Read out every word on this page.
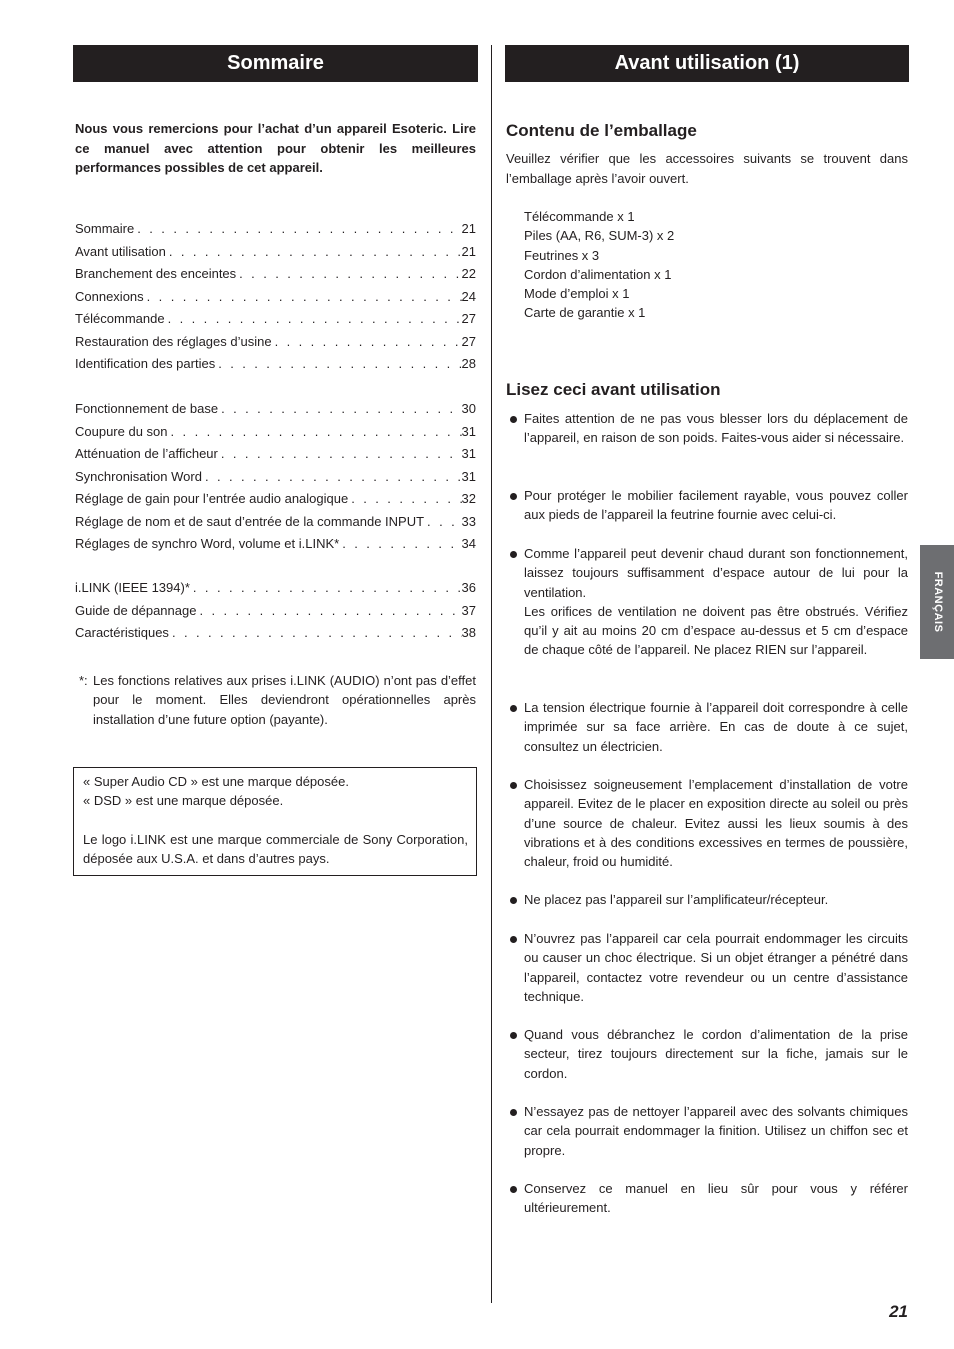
Sommaire	Avant utilisation (1)
Nous vous remercions pour l’achat d’un appareil Esoteric. Lire ce manuel avec attention pour obtenir les meilleures performances possibles de cet appareil.
Sommaire . . .	21
Avant utilisation . . .	21
Branchement des enceintes . . .	22
Connexions . . .	24
Télécommande . . .	27
Restauration des réglages d’usine . . .	27
Identification des parties . . .	28
Fonctionnement de base . . .	30
Coupure du son . . .	31
Atténuation de l’afficheur . . .	31
Synchronisation Word . . .	31
Réglage de gain pour l’entrée audio analogique . . .	32
Réglage de nom et de saut d’entrée de la commande INPUT . . .	33
Réglages de synchro Word, volume et i.LINK* . . .	34
i.LINK (IEEE 1394)* . . .	36
Guide de dépannage . . .	37
Caractéristiques . . .	38
*: Les fonctions relatives aux prises i.LINK (AUDIO) n’ont pas d’effet pour le moment. Elles deviendront opérationnelles après installation d’une future option (payante).

« Super Audio CD » est une marque déposée.

« DSD » est une marque déposée.

Le logo i.LINK est une marque commerciale de Sony Corporation, déposée aux U.S.A. et dans d’autres pays.

Contenu de l’emballage
Veuillez vérifier que les accessoires suivants se trouvent dans l’emballage après l’avoir ouvert.
Télécommande x 1
Piles (AA, R6, SUM-3) x 2
Feutrines x 3
Cordon d’alimentation x 1
Mode d’emploi x 1
Carte de garantie x 1
Lisez ceci avant utilisation
Faites attention de ne pas vous blesser lors du déplacement de l’appareil, en raison de son poids. Faites-vous aider si nécessaire.
Pour protéger le mobilier facilement rayable, vous pouvez coller aux pieds de l’appareil la feutrine fournie avec celui-ci.

Comme l’appareil peut devenir chaud durant son fonctionnement, laissez toujours suffisamment d’espace autour de lui pour la ventilation.

Les orifices de ventilation ne doivent pas être obstrués. Vérifiez qu’il y ait au moins 20 cm d’espace au-dessus et 5 cm d’espace de chaque côté de l’appareil. Ne placez RIEN sur l’appareil.

La tension électrique fournie à l’appareil doit correspondre à celle imprimée sur sa face arrière. En cas de doute à ce sujet, consultez un électricien.
Choisissez soigneusement l’emplacement d’installation de votre appareil. Evitez de le placer en exposition directe au soleil ou près d’une source de chaleur. Evitez aussi les lieux soumis à des vibrations et à des conditions excessives en termes de poussière, chaleur, froid ou humidité.
Ne placez pas l’appareil sur l’amplificateur/récepteur.
N’ouvrez pas l’appareil car cela pourrait endommager les circuits ou causer un choc électrique. Si un objet étranger a pénétré dans l’appareil, contactez votre revendeur ou un centre d’assistance technique.
Quand vous débranchez le cordon d’alimentation de la prise secteur, tirez toujours directement sur la fiche, jamais sur le cordon.
N’essayez pas de nettoyer l’appareil avec des solvants chimiques car cela pourrait endommager la finition. Utilisez un chiffon sec et propre.
Conservez ce manuel en lieu sûr pour vous y référer ultérieurement.
FRANÇAIS
21
